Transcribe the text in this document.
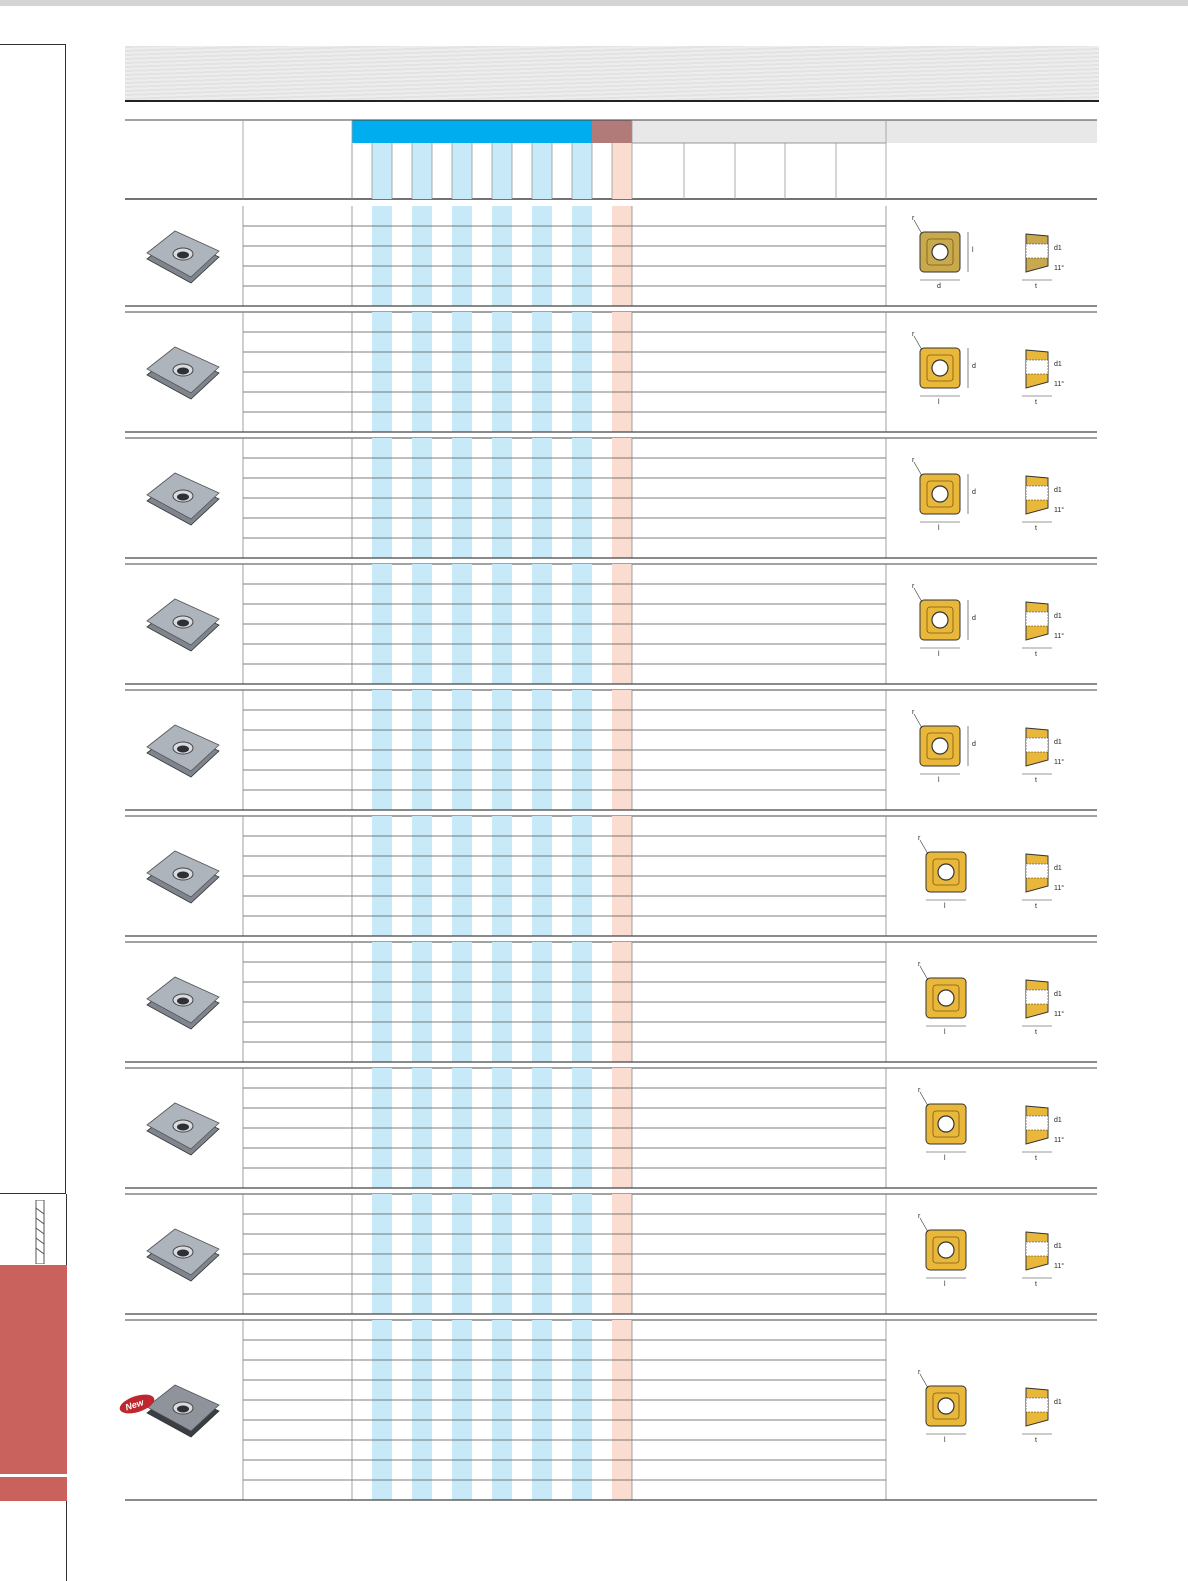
New
r
l
d
d1
11°
t
r
d
l
d1
11°
t
r
d
l
d1
11°
t
r
d
l
d1
11°
t
r
d
l
d1
11°
t
r
l
d1
11°
t
r
l
d1
11°
t
r
l
d1
11°
t
r
l
d1
11°
t
r
l
d1
t
